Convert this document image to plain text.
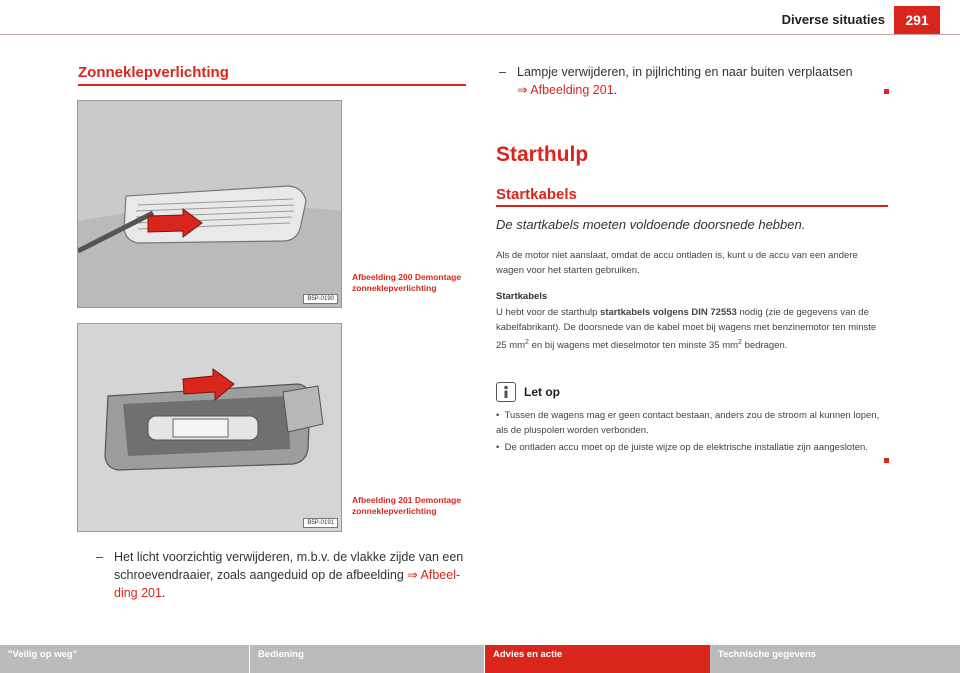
Diverse situaties	291
Zonneklepverlichting
B5P-0190
Afbeelding 200 Demontage zonneklepverlichting
B5P-0191
Afbeelding 201 Demontage zonneklepverlichting
– Het licht voorzichtig verwijderen, m.b.v. de vlakke zijde van een schroevendraaier, zoals aangeduid op de afbeelding ⇒ Afbeelding 201.
– Lampje verwijderen, in pijlrichting en naar buiten verplaatsen
⇒ Afbeelding 201.
Starthulp
Startkabels
De startkabels moeten voldoende doorsnede hebben.
Als de motor niet aanslaat, omdat de accu ontladen is, kunt u de accu van een andere wagen voor het starten gebruiken.
Startkabels
U hebt voor de starthulp startkabels volgens DIN 72553 nodig (zie de gegevens van de kabelfabrikant). De doorsnede van de kabel moet bij wagens met benzinemotor ten minste 25 $mm^2$ en bij wagens met dieselmotor ten minste 35 $mm^2$ bedragen.
Let op
•  Tussen de wagens mag er geen contact bestaan, anders zou de stroom al kunnen lopen, als de pluspolen worden verbonden.
•  De ontladen accu moet op de juiste wijze op de elektrische installatie zijn aangesloten.
"Veilig op weg"	Bediening	Advies en actie	Technische gegevens
